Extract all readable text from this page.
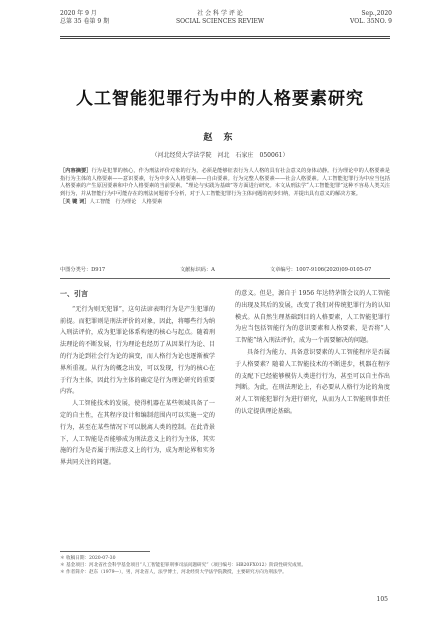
2020 年 9 月
总第 35 卷第 9 期
社 会 科 学 评 论
SOCIAL SCIENCES REVIEW
Sep.,2020
VOL. 35NO. 9
人工智能犯罪行为中的人格要素研究
赵 东
（河北经贸大学法学院　河北　石家庄　050061）
［内容摘要］行为是犯罪的核心，作为刑法评价对象的行为，必须是能够征表行为人人格的具有社会意义的身体动静。行为理论中的人格要素是指行为主体的人格要素——意识要素，行为中步入人格要素——自由要素。行为完整人格要素——社会人格要素。人工智能犯罪行为中应当包括人格要素的产生原因要素和中介人格要素的当前要素。“理论与实践为基础”等方面进行研究。本文从刑法学“人工智能犯罪”这种不容易人类关注到行为，并从智能行为中可能存在的刑法问题着手分析，对于人工智能犯罪行为主体问题的初步归纳，并提出具有意义的解决方案。
［关 键 词］人工智能　行为理论　人格要素
中图分类号：D917	文献标识码：A	文章编号：1007-9106(2020)09-0105-07
一、引言

“无行为则无犯罪”，这句法谚表明行为是产生犯罪的前提。而犯罪则是刑法评价的对象，因此，将哪些行为纳入刑法评价，成为犯罪论体系构建的核心与起点。随着刑法理论的不断发展，行为理论也经历了从因果行为论、目的行为论到社会行为论的演变，而人格行为论也逐渐被学界所重视。从行为的概念出发，可以发现，行为的核心在于行为主体，因此行为主体的确定是行为理论研究的重要内容。

人工智能技术的发展，使得机器在某些领域具备了一定的自主性，在其程序设计和编制范围内可以实施一定的行为，甚至在某些情况下可以脱离人类的控制。在此背景下，人工智能是否能够成为刑法意义上的行为主体，其实施的行为是否属于刑法意义上的行为，成为理论界和实务界共同关注的问题。

的意义。但是，源自于 1956 年达特茅斯会议的人工智能的出现及其后的发展，改变了我们对传统犯罪行为的认知模式。从自然生理基础到目的人格要素，人工智能犯罪行为应当包括智能行为的意识要素和人格要素，是否将“人工智能”纳入刑法评价，成为一个需要解决的问题。

具备行为能力、具备意识要素的人工智能程序是否属于人格要素？随着人工智能技术的不断进步，机器在程序的支配下已经能够模仿人类进行行为，甚至可以自主作出判断。为此，在刑法理论上，有必要从人格行为论的角度对人工智能犯罪行为进行研究，从而为人工智能刑事责任的认定提供理论基础。

＊ 收稿日期：2020-07-30

＊ 基金项目：河北省社会科学基金项目“人工智能犯罪刑事司法问题研究”（项目编号：HB20FX012）阶段性研究成果。

＊ 作者简介：赵东（1979—），男，河北省人，法学博士，河北经贸大学法学院教授，主要研究方向为刑法学。

105
